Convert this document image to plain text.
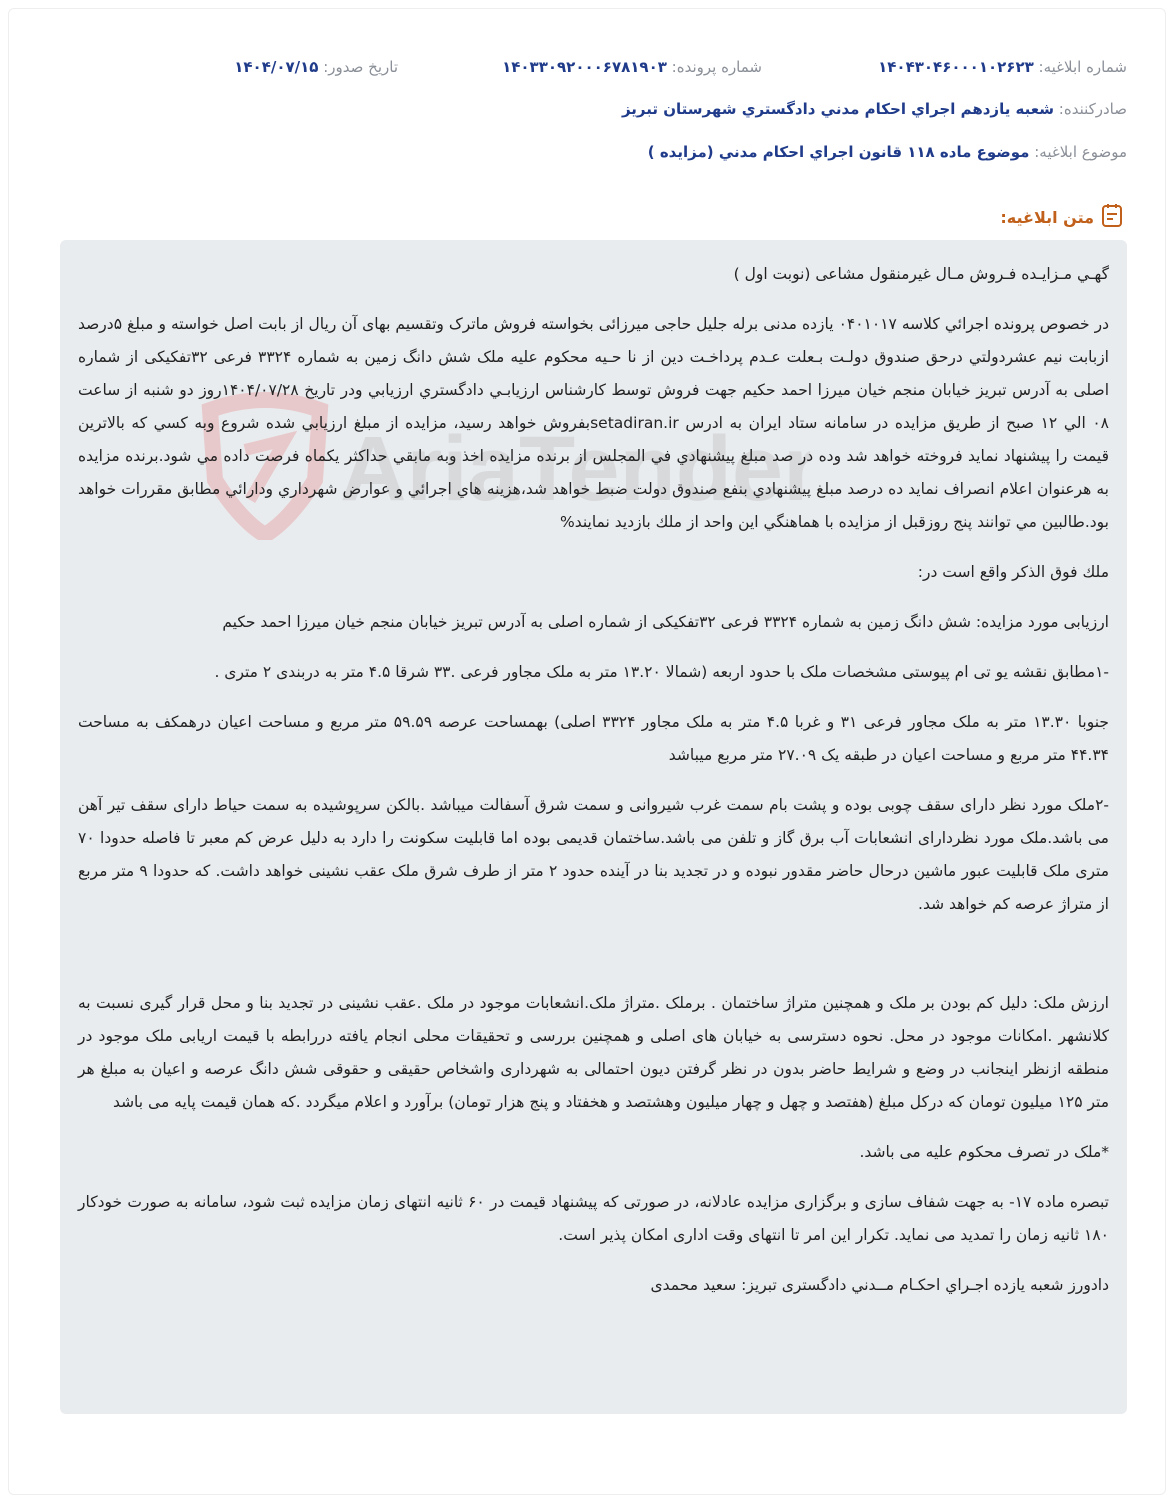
شماره ابلاغیه: ۱۴۰۴۳۰۴۶۰۰۰۱۰۲۶۲۳
شماره پرونده: ۱۴۰۳۳۰۹۲۰۰۰۶۷۸۱۹۰۳
تاریخ صدور: ۱۴۰۴/۰۷/۱۵
صادرکننده: شعبه يازدهم اجراي احكام مدني دادگستري شهرستان تبريز
موضوع ابلاغیه: موضوع ماده ۱۱۸ قانون اجراي احكام مدني (مزايده )
متن ابلاغیه:
AriaTender

گهـي مـزايـده فـروش مـال غيرمنقول مشاعی (نوبت اول )

در خصوص پرونده اجرائي كلاسه ۰۴۰۱۰۱۷ يازده مدنی برله جليل حاجی ميرزائی بخواسته فروش ماترک وتقسيم بهای آن ريال از بابت اصل خواسته و مبلغ ۵درصد ازبابت نيم عشردولتي درحق صندوق دولـت بـعلت عـدم پرداخـت دين از نا حـيه محكوم عليه ملک شش دانگ زمين به شماره ۳۳۲۴ فرعی ۳۲تفکيکی از شماره اصلی به آدرس تبريز خيابان منجم خيان ميرزا احمد حکيم جهت فروش توسط كارشناس ارزيابـي دادگستري ارزيابي ودر تاريخ ۱۴۰۴/۰۷/۲۸روز دو شنبه از ساعت ۰۸ الي ۱۲ صبح از طريق مزايده در سامانه ستاد ايران به ادرس setadiran.irبفروش خواهد رسيد، مزايده از مبلغ ارزيابي شده شروع وبه كسي كه بالاترين قيمت را پيشنهاد نمايد فروخته خواهد شد وده در صد مبلغ پيشنهادي في المجلس از برنده مزايده اخذ وبه مابقي حداكثر يكماه فرصت داده مي شود.برنده مزايده به هرعنوان اعلام انصراف نمايد ده درصد مبلغ پيشنهادي بنفع صندوق دولت ضبط خواهد شد،هزينه هاي اجرائي و عوارض شهرداري ودارائي مطابق مقررات خواهد بود.طالبين مي توانند پنج روزقبل از مزايده با هماهنگي اين واحد از ملك بازديد نمايند%

ملك فوق الذكر واقع است در:

ارزيابی مورد مزايده: شش دانگ زمين به شماره ۳۳۲۴ فرعی ۳۲تفکيکی از شماره اصلی به آدرس تبريز خيابان منجم خيان ميرزا احمد حکيم

-۱مطابق نقشه یو تی ام پیوستی مشخصات ملک با حدود اربعه (شمالا ۱۳.۲۰ متر به ملک مجاور فرعی .۳۳ شرقا ۴.۵ متر به دربندی ۲ متری .

جنوبا ۱۳.۳۰ متر به ملک مجاور فرعی ۳۱ و غربا ۴.۵ متر به ملک مجاور ۳۳۲۴ اصلی) بهمساحت عرصه ۵۹.۵۹ متر مربع و مساحت اعیان درهمکف به مساحت ۴۴.۳۴ متر مربع و مساحت اعیان در طبقه یک ۲۷.۰۹ متر مربع میباشد

-۲ملک مورد نظر دارای سقف چوبی بوده و پشت بام سمت غرب شیروانی و سمت شرق آسفالت میباشد .بالکن سرپوشیده به سمت حیاط دارای سقف تیر آهن می باشد.ملک مورد نظردارای انشعابات آب برق گاز و تلفن می باشد.ساختمان قدیمی بوده اما قابلیت سکونت را دارد به دلیل عرض کم معبر تا فاصله حدودا ۷۰ متری ملک قابلیت عبور ماشین درحال حاضر مقدور نبوده و در تجدید بنا در آینده حدود ۲ متر از طرف شرق ملک عقب نشینی خواهد داشت. که حدودا ۹ متر مربع از متراژ عرصه کم خواهد شد.

ارزش ملک: دلیل کم بودن بر ملک و همچنین متراژ ساختمان . برملک .متراژ ملک.انشعابات موجود در ملک .عقب نشینی در تجدید بنا و محل قرار گیری نسبت به کلانشهر .امکانات موجود در محل. نحوه دسترسی به خیابان های اصلی و همچنین بررسی و تحقیقات محلی انجام یافته دررابطه با قیمت اریابی ملک موجود در منطقه ازنظر اینجانب در وضع و شرایط حاضر بدون در نظر گرفتن دیون احتمالی به شهرداری واشخاص حقیقی و حقوقی شش دانگ عرصه و اعیان به مبلغ هر متر ۱۲۵ میلیون تومان که درکل مبلغ (هفتصد و چهل و چهار میلیون وهشتصد و هخفتاد و پنج هزار تومان) برآورد و اعلام میگردد .که همان قیمت پایه می باشد

*ملک در تصرف محکوم علیه می باشد.

تبصره ماده ۱۷- به جهت شفاف سازی و برگزاری مزایده عادلانه، در صورتی که پیشنهاد قیمت در ۶۰ ثانیه انتهای زمان مزایده ثبت شود، سامانه به صورت خودکار ۱۸۰ ثانیه زمان را تمدید می نماید. تکرار این امر تا انتهای وقت اداری امکان پذیر است.

دادورز شعبه يازده اجـراي احكـام مــدني دادگستری تبريز: سعيد محمدی
